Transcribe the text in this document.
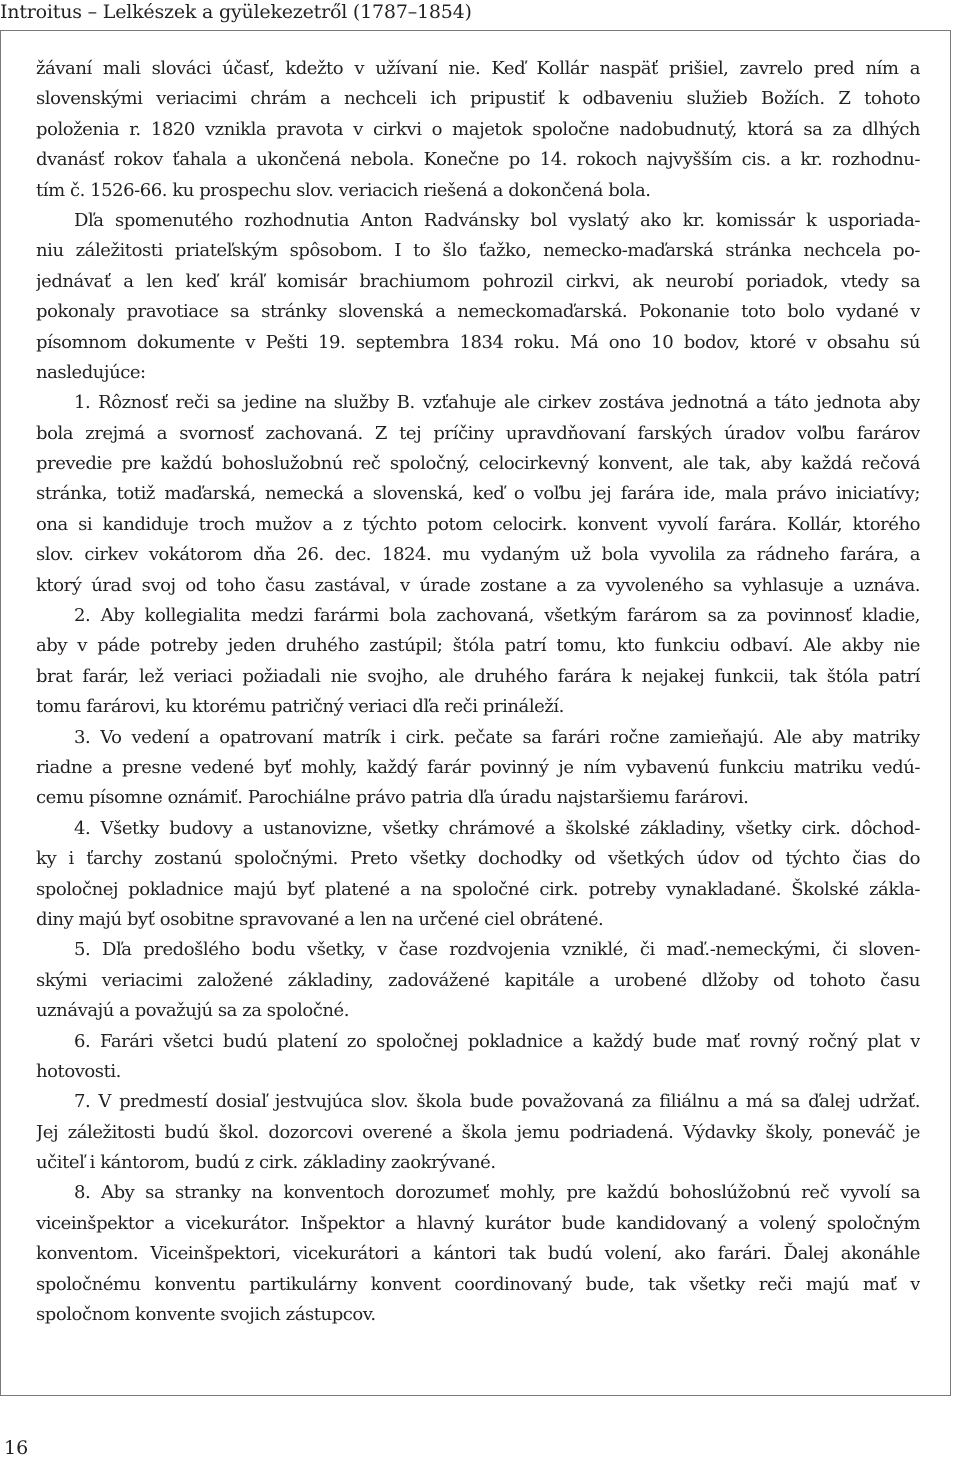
Introitus – Lelkészek a gyülekezetről (1787–1854)
žávaní mali slováci účasť, kdežto v užívaní nie. Keď Kollár naspäť prišiel, zavrelo pred ním a
slovenskými veriacimi chrám a nechceli ich pripustiť k odbaveniu služieb Božích. Z tohoto
položenia r. 1820 vznikla pravota v cirkvi o majetok spoločne nadobudnutý, ktorá sa za dlhých
dvanásť rokov ťahala a ukončená nebola. Konečne po 14. rokoch najvyšším cis. a kr. rozhodnu-
tím č. 1526-66. ku prospechu slov. veriacich riešená a dokončená bola.
Dľa spomenutého rozhodnutia Anton Radvánsky bol vyslatý ako kr. komissár k usporiada-
niu záležitosti priateľským spôsobom. I to šlo ťažko, nemecko-maďarská stránka nechcela po-
jednávať a len keď kráľ komisár brachiumom pohrozil cirkvi, ak neurobí poriadok, vtedy sa
pokonaly pravotiace sa stránky slovenská a nemeckomaďarská. Pokonanie toto bolo vydané v
písomnom dokumente v Pešti 19. septembra 1834 roku. Má ono 10 bodov, ktoré v obsahu sú
nasledujúce:
1. Rôznosť reči sa jedine na služby B. vzťahuje ale cirkev zostáva jednotná a táto jednota aby
bola zrejmá a svornosť zachovaná. Z tej príčiny upravdňovaní farských úradov voľbu farárov
prevedie pre každú bohoslužobnú reč spoločný, celocirkevný konvent, ale tak, aby každá rečová
stránka, totiž maďarská, nemecká a slovenská, keď o voľbu jej farára ide, mala právo iniciatívy;
ona si kandiduje troch mužov a z týchto potom celocirk. konvent vyvolí farára. Kollár, ktorého
slov. cirkev vokátorom dňa 26. dec. 1824. mu vydaným už bola vyvolila za rádneho farára, a
ktorý úrad svoj od toho času zastával, v úrade zostane a za vyvoleného sa vyhlasuje a uznáva.
2. Aby kollegialita medzi farármi bola zachovaná, všetkým farárom sa za povinnosť kladie,
aby v páde potreby jeden druhého zastúpil; štóla patrí tomu, kto funkciu odbaví. Ale akby nie
brat farár, lež veriaci požiadali nie svojho, ale druhého farára k nejakej funkcii, tak štóla patrí
tomu farárovi, ku ktorému patričný veriaci dľa reči prináleží.
3. Vo vedení a opatrovaní matrík i cirk. pečate sa farári ročne zamieňajú. Ale aby matriky
riadne a presne vedené byť mohly, každý farár povinný je ním vybavenú funkciu matriku vedú-
cemu písomne oznámiť. Parochiálne právo patria dľa úradu najstaršiemu farárovi.
4. Všetky budovy a ustanovizne, všetky chrámové a školské základiny, všetky cirk. dôchod-
ky i ťarchy zostanú spoločnými. Preto všetky dochodky od všetkých údov od týchto čias do
spoločnej pokladnice majú byť platené a na spoločné cirk. potreby vynakladané. Školské zákla-
diny majú byť osobitne spravované a len na určené ciel obrátené.
5. Dľa predošlého bodu všetky, v čase rozdvojenia vzniklé, či maď.-nemeckými, či sloven-
skými veriacimi založené základiny, zadovážené kapitále a urobené dlžoby od tohoto času
uznávajú a považujú sa za spoločné.
6. Farári všetci budú platení zo spoločnej pokladnice a každý bude mať rovný ročný plat v
hotovosti.
7. V predmestí dosiaľ jestvujúca slov. škola bude považovaná za filiálnu a má sa ďalej udržať.
Jej záležitosti budú škol. dozorcovi overené a škola jemu podriadená. Výdavky školy, poneváč je
učiteľ i kántorom, budú z cirk. základiny zaokrývané.
8. Aby sa stranky na konventoch dorozumeť mohly, pre každú bohoslúžobnú reč vyvolí sa
viceinšpektor a vicekurátor. Inšpektor a hlavný kurátor bude kandidovaný a volený spoločným
konventom. Viceinšpektori, vicekurátori a kántori tak budú volení, ako farári. Ďalej akonáhle
spoločnému konventu partikulárny konvent coordinovaný bude, tak všetky reči majú mať v
spoločnom konvente svojich zástupcov.
16
